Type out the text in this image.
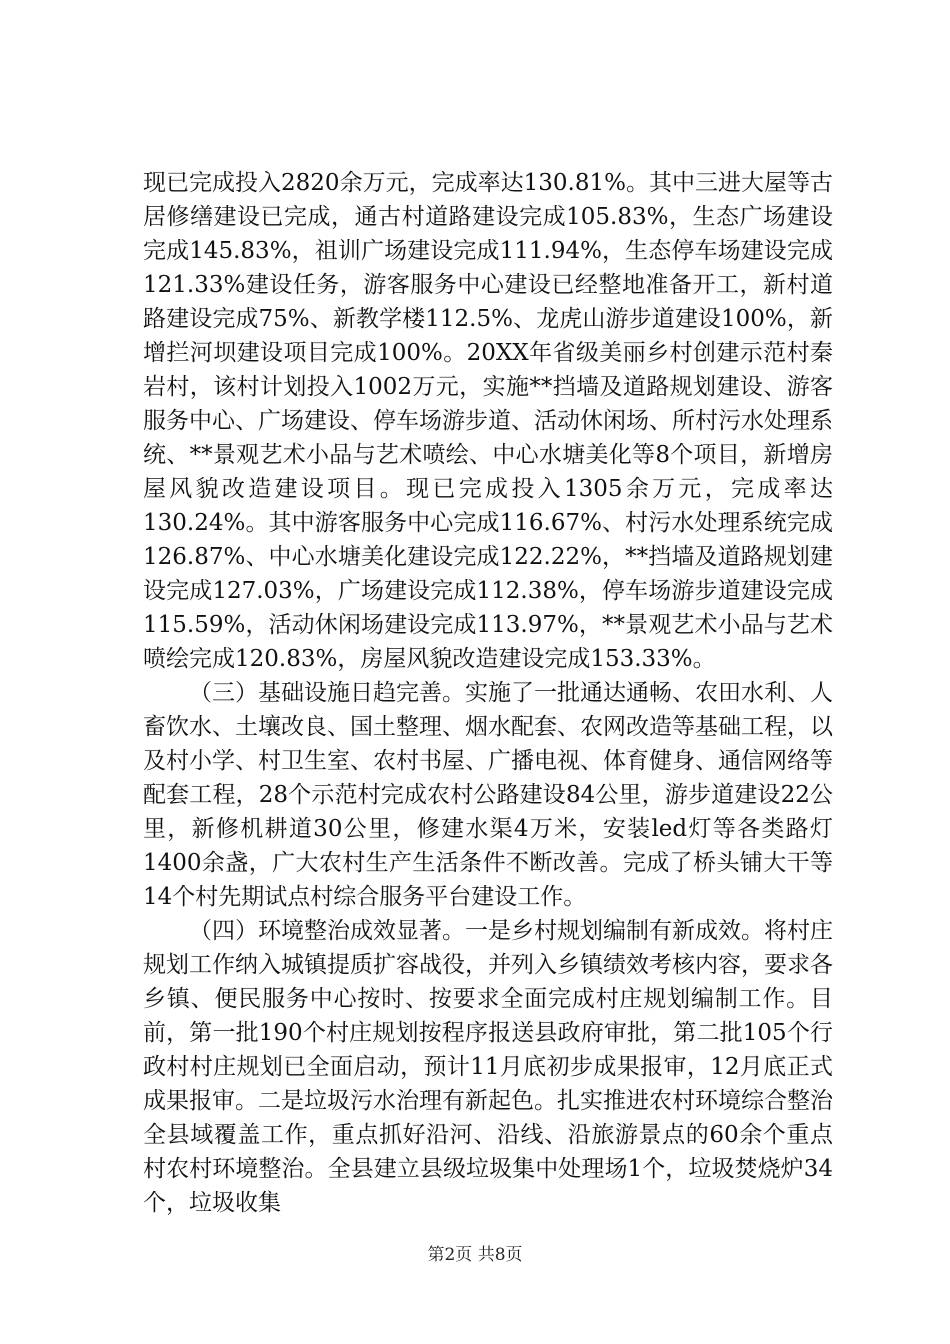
现已完成投入2820余万元，完成率达130.81%。其中三进大屋等古居修缮建设已完成，通古村道路建设完成105.83%，生态广场建设完成145.83%，祖训广场建设完成111.94%，生态停车场建设完成121.33%建设任务，游客服务中心建设已经整地准备开工，新村道路建设完成75%、新教学楼112.5%、龙虎山游步道建设100%，新增拦河坝建设项目完成100%。20XX年省级美丽乡村创建示范村秦岩村，该村计划投入1002万元，实施**挡墙及道路规划建设、游客服务中心、广场建设、停车场游步道、活动休闲场、所村污水处理系统、**景观艺术小品与艺术喷绘、中心水塘美化等8个项目，新增房屋风貌改造建设项目。现已完成投入1305余万元，完成率达130.24%。其中游客服务中心完成116.67%、村污水处理系统完成126.87%、中心水塘美化建设完成122.22%，**挡墙及道路规划建设完成127.03%，广场建设完成112.38%，停车场游步道建设完成115.59%，活动休闲场建设完成113.97%，**景观艺术小品与艺术喷绘完成120.83%，房屋风貌改造建设完成153.33%。

（三）基础设施日趋完善。实施了一批通达通畅、农田水利、人畜饮水、土壤改良、国土整理、烟水配套、农网改造等基础工程，以及村小学、村卫生室、农村书屋、广播电视、体育健身、通信网络等配套工程，28个示范村完成农村公路建设84公里，游步道建设22公里，新修机耕道30公里，修建水渠4万米，安装led灯等各类路灯1400余盏，广大农村生产生活条件不断改善。完成了桥头铺大干等14个村先期试点村综合服务平台建设工作。

（四）环境整治成效显著。一是乡村规划编制有新成效。将村庄规划工作纳入城镇提质扩容战役，并列入乡镇绩效考核内容，要求各乡镇、便民服务中心按时、按要求全面完成村庄规划编制工作。目前，第一批190个村庄规划按程序报送县政府审批，第二批105个行政村村庄规划已全面启动，预计11月底初步成果报审，12月底正式成果报审。二是垃圾污水治理有新起色。扎实推进农村环境综合整治全县域覆盖工作，重点抓好沿河、沿线、沿旅游景点的60余个重点村农村环境整治。全县建立县级垃圾集中处理场1个，垃圾焚烧炉34个，垃圾收集

第2页 共8页
